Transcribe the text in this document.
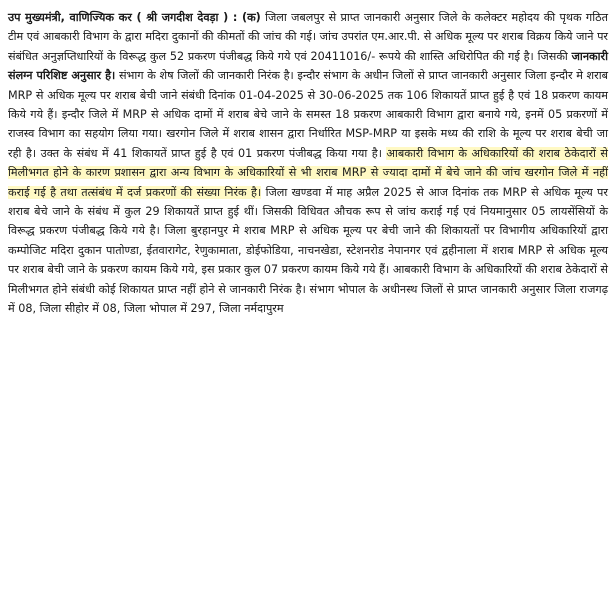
उप मुख्यमंत्री, वाणिज्यिक कर ( श्री जगदीश देवड़ा ) : (क) जिला जबलपुर से प्राप्त जानकारी अनुसार जिले के कलेक्टर महोदय की पृथक गठित टीम एवं आबकारी विभाग के द्वारा मदिरा दुकानों की कीमतों की जांच की गई। जांच उपरांत एम.आर.पी. से अधिक मूल्य पर शराब विक्रय किये जाने पर संबंधित अनुज्ञप्तिधारियों के विरूद्ध कुल 52 प्रकरण पंजीबद्ध किये गये एवं 20411016/- रूपये की शास्ति अधिरोपित की गई है। जिसकी जानकारी संलग्न परिशिष्ट अनुसार है। संभाग के शेष जिलों की जानकारी निरंक है। इन्दौर संभाग के अधीन जिलों से प्राप्त जानकारी अनुसार जिला इन्दौर मे शराब MRP से अधिक मूल्य पर शराब बेची जाने संबंधी दिनांक 01-04-2025 से 30-06-2025 तक 106 शिकायतें प्राप्त हुई है एवं 18 प्रकरण कायम किये गये हैं। इन्दौर जिले में MRP से अधिक दामों में शराब बेचे जाने के समस्त 18 प्रकरण आबकारी विभाग द्वारा बनाये गये, इनमें 05 प्रकरणों में राजस्व विभाग का सहयोग लिया गया। खरगोन जिले में शराब शासन द्वारा निर्धारित MSP-MRP या इसके मध्य की राशि के मूल्य पर शराब बेची जा रही है। उक्त के संबंध में 41 शिकायतें प्राप्त हुई है एवं 01 प्रकरण पंजीबद्ध किया गया है। आबकारी विभाग के अधिकारियों की शराब ठेकेदारों से मिलीभगत होने के कारण प्रशासन द्वारा अन्य विभाग के अधिकारियों से भी शराब MRP से ज्यादा दामों में बेचे जाने की जांच खरगोन जिले में नहीं कराई गई है तथा तत्संबंध में दर्ज प्रकरणों की संख्या निरंक है। जिला खण्डवा में माह अप्रैल 2025 से आज दिनांक तक MRP से अधिक मूल्य पर शराब बेचे जाने के संबंध में कुल 29 शिकायतें प्राप्त हुई थीं। जिसकी विधिवत औचक रूप से जांच कराई गई एवं नियमानुसार 05 लायसेंसियों के विरूद्ध प्रकरण पंजीबद्ध किये गये है। जिला बुरहानपुर मे शराब MRP से अधिक मूल्य पर बेची जाने की शिकायतों पर विभागीय अधिकारियों द्वारा कम्पोजिट मदिरा दुकान पातोण्डा, ईतवारागेट, रेणुकामाता, डोईफोडिया, नाचनखेडा, स्टेशनरोड नेपानगर एवं द्वहीनाला में शराब MRP से अधिक मूल्य पर शराब बेची जाने के प्रकरण कायम किये गये, इस प्रकार कुल 07 प्रकरण कायम किये गये हैं। आबकारी विभाग के अधिकारियों की शराब ठेकेदारों से मिलीभगत होने संबंधी कोई शिकायत प्राप्त नहीं होने से जानकारी निरंक है। संभाग भोपाल के अधीनस्थ जिलों से प्राप्त जानकारी अनुसार जिला राजगढ़ में 08, जिला सीहोर में 08, जिला भोपाल में 297, जिला नर्मदापुरम
